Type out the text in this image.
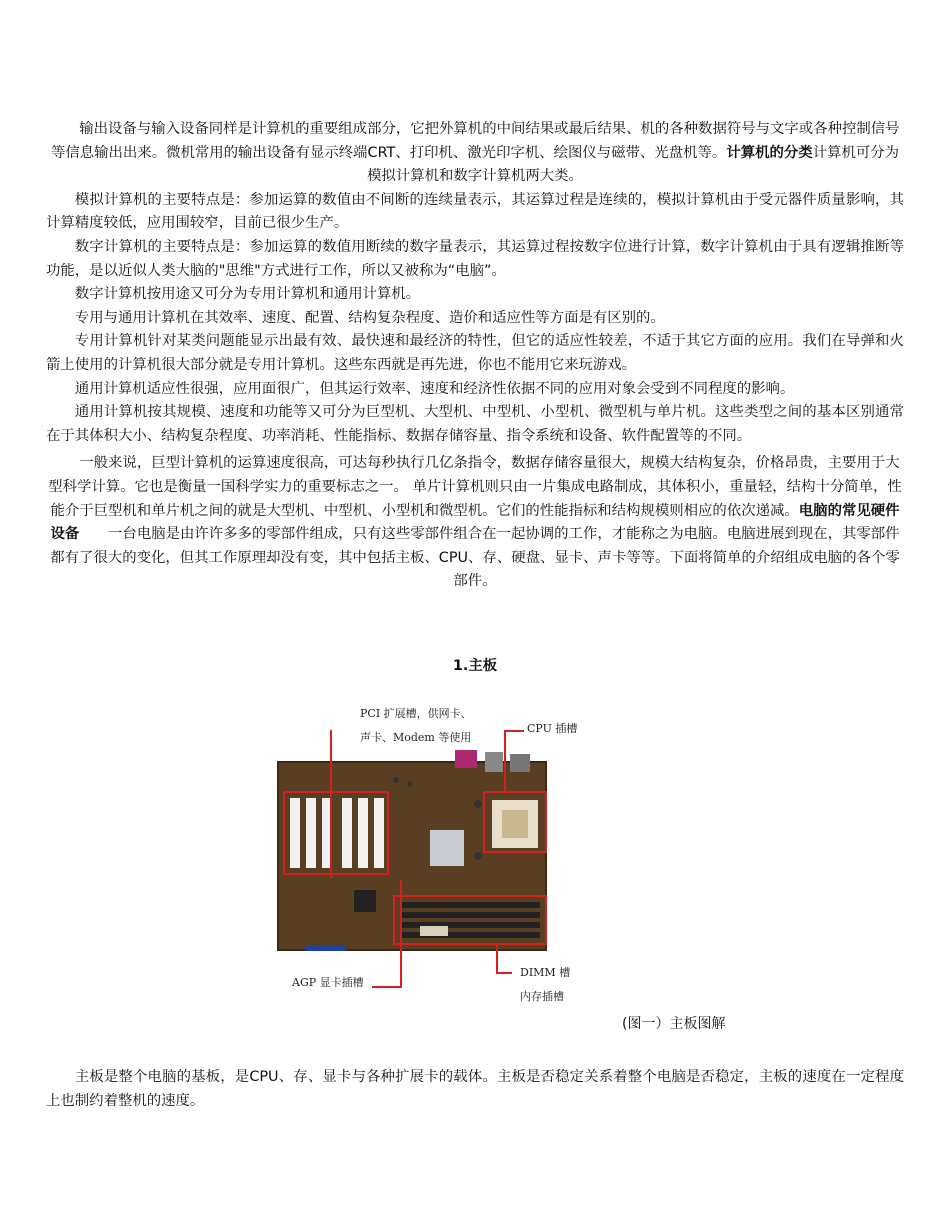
输出设备与输入设备同样是计算机的重要组成部分，它把外算机的中间结果或最后结果、机的各种数据符号与文字或各种控制信号等信息输出出来。微机常用的输出设备有显示终端CRT、打印机、激光印字机、绘图仪与磁带、光盘机等。计算机的分类计算机可分为模拟计算机和数字计算机两大类。

模拟计算机的主要特点是：参加运算的数值由不间断的连续量表示，其运算过程是连续的，模拟计算机由于受元器件质量影响，其计算精度较低，应用围较窄，目前已很少生产。

数字计算机的主要特点是：参加运算的数值用断续的数字量表示，其运算过程按数字位进行计算，数字计算机由于具有逻辑推断等功能，是以近似人类大脑的"思维"方式进行工作，所以又被称为“电脑”。

数字计算机按用途又可分为专用计算机和通用计算机。

专用与通用计算机在其效率、速度、配置、结构复杂程度、造价和适应性等方面是有区别的。

专用计算机针对某类问题能显示出最有效、最快速和最经济的特性，但它的适应性较差，不适于其它方面的应用。我们在导弹和火箭上使用的计算机很大部分就是专用计算机。这些东西就是再先进，你也不能用它来玩游戏。

通用计算机适应性很强，应用面很广，但其运行效率、速度和经济性依据不同的应用对象会受到不同程度的影响。

通用计算机按其规模、速度和功能等又可分为巨型机、大型机、中型机、小型机、微型机与单片机。这些类型之间的基本区别通常在于其体积大小、结构复杂程度、功率消耗、性能指标、数据存储容量、指令系统和设备、软件配置等的不同。

一般来说，巨型计算机的运算速度很高，可达每秒执行几亿条指令，数据存储容量很大，规模大结构复杂，价格昂贵，主要用于大型科学计算。它也是衡量一国科学实力的重要标志之一。 单片计算机则只由一片集成电路制成，其体积小，重量轻，结构十分简单，性能介于巨型机和单片机之间的就是大型机、中型机、小型机和微型机。它们的性能指标和结构规模则相应的依次递减。电脑的常见硬件设备　　一台电脑是由许许多多的零部件组成，只有这些零部件组合在一起协调的工作，才能称之为电脑。电脑进展到现在，其零部件都有了很大的变化，但其工作原理却没有变，其中包括主板、CPU、存、硬盘、显卡、声卡等等。下面将简单的介绍组成电脑的各个零部件。

1.主板
PCI 扩展槽，供网卡、
声卡、Modem 等使用
CPU 插槽
AGP 显卡插槽
DIMM 槽
内存插槽
(图一）主板图解

主板是整个电脑的基板，是CPU、存、显卡与各种扩展卡的载体。主板是否稳定关系着整个电脑是否稳定，主板的速度在一定程度上也制约着整机的速度。
